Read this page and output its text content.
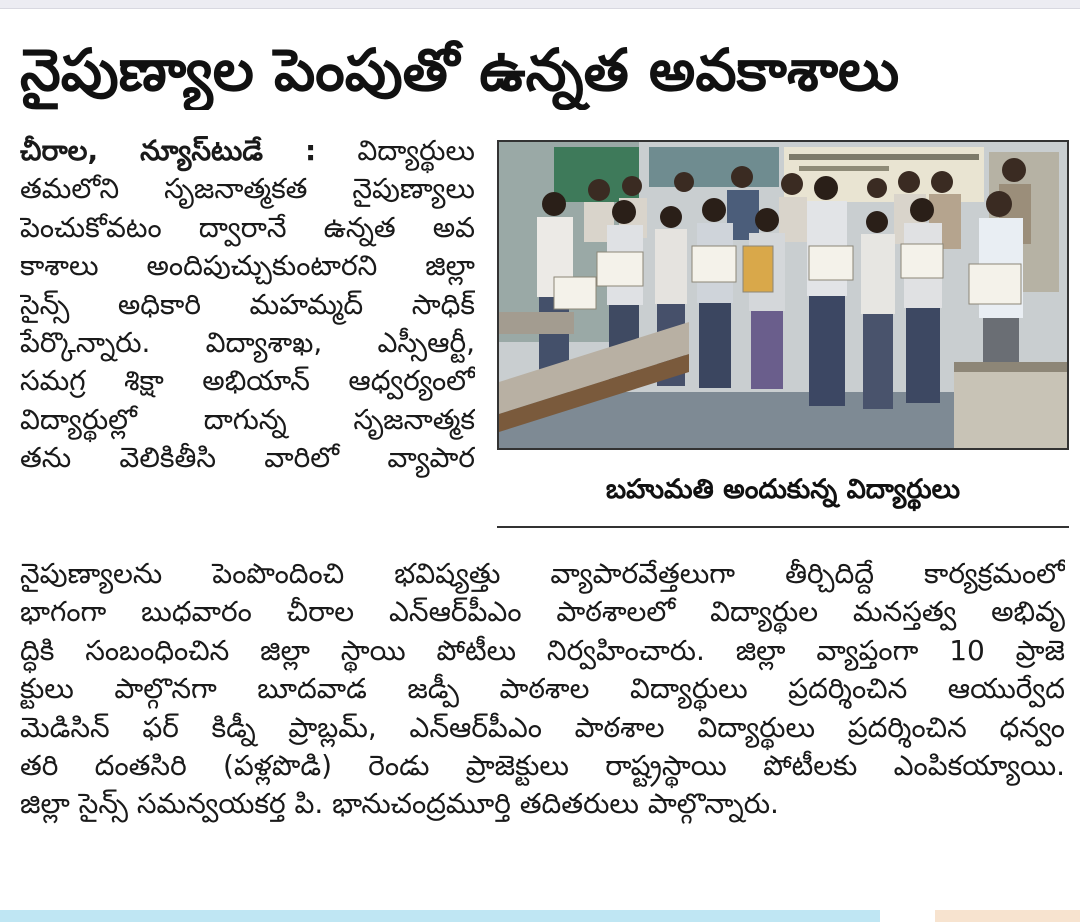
నైపుణ్యాల పెంపుతో ఉన్నత అవకాశాలు
చీరాల, న్యూస్‌టుడే : విద్యార్థులు
తమలోని సృజనాత్మకత నైపుణ్యాలు
పెంచుకోవటం ద్వారానే ఉన్నత అవ
కాశాలు అందిపుచ్చుకుంటారని జిల్లా
సైన్స్ అధికారి మహమ్మద్ సాధిక్
పేర్కొన్నారు. విద్యాశాఖ, ఎస్సీఆర్టీ,
సమగ్ర శిక్షా అభియాన్ ఆధ్వర్యంలో
విద్యార్థుల్లో దాగున్న సృజనాత్మక
తను వెలికితీసి వారిలో వ్యాపార
బహుమతి అందుకున్న విద్యార్థులు
నైపుణ్యాలను పెంపొందించి భవిష్యత్తు వ్యాపారవేత్తలుగా తీర్చిదిద్దే కార్యక్రమంలో
భాగంగా బుధవారం చీరాల ఎన్ఆర్‌పీఎం పాఠశాలలో విద్యార్థుల మనస్తత్వ అభివృ
ద్ధికి సంబంధించిన జిల్లా స్థాయి పోటీలు నిర్వహించారు. జిల్లా వ్యాప్తంగా 10 ప్రాజె
క్టులు పాల్గొనగా బూదవాడ జడ్పీ పాఠశాల విద్యార్థులు ప్రదర్శించిన ఆయుర్వేద
మెడిసిన్ ఫర్ కిడ్నీ ప్రాబ్లమ్, ఎన్ఆర్‌పీఎం పాఠశాల విద్యార్థులు ప్రదర్శించిన ధన్వం
తరి దంతసిరి (పళ్లపొడి) రెండు ప్రాజెక్టులు రాష్ట్రస్థాయి పోటీలకు ఎంపికయ్యాయి.
జిల్లా సైన్స్ సమన్వయకర్త పి. భానుచంద్రమూర్తి తదితరులు పాల్గొన్నారు.
